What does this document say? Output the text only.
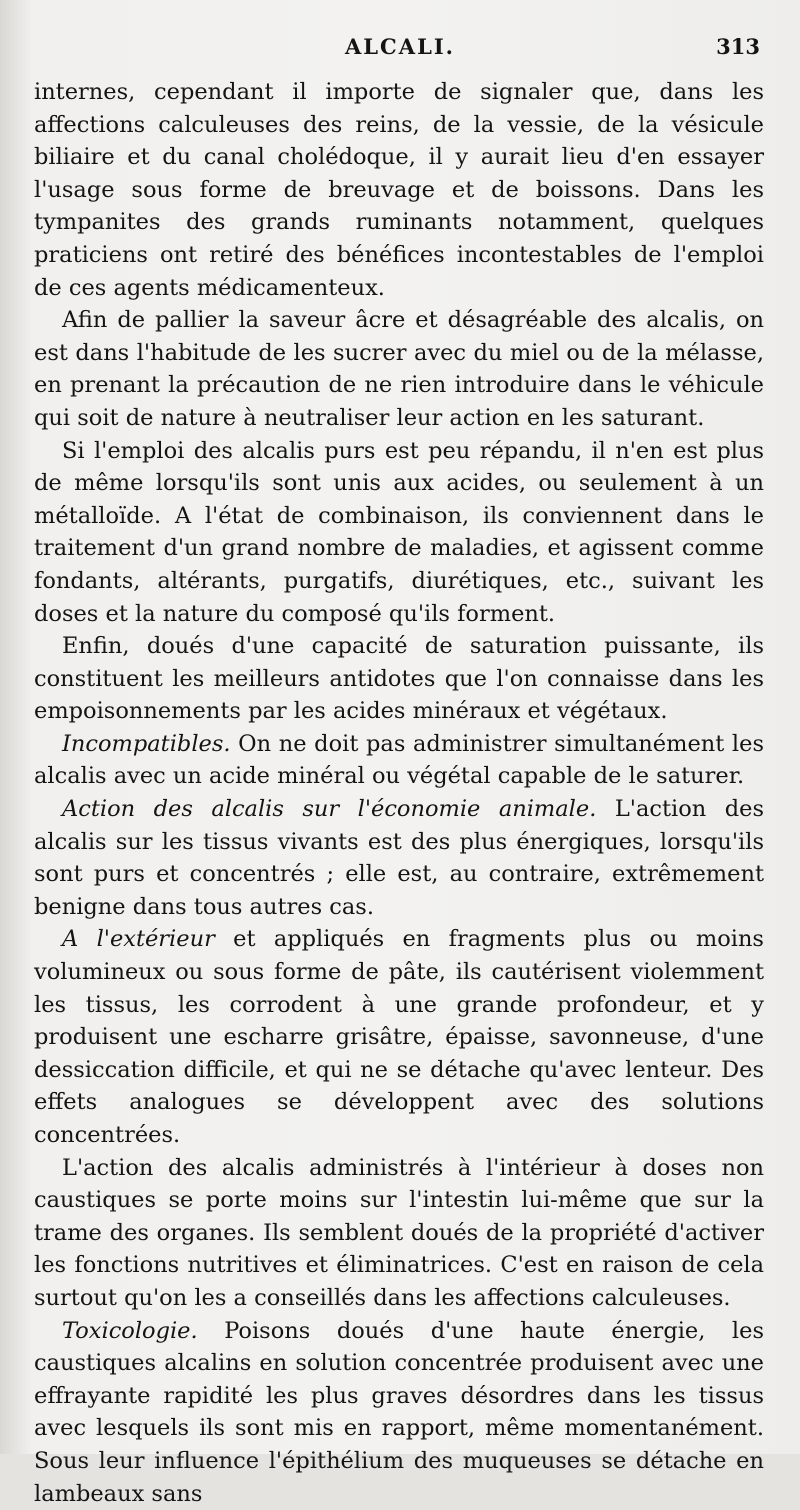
ALCALI.	313

internes, cependant il importe de signaler que, dans les affections calculeuses des reins, de la vessie, de la vésicule biliaire et du canal cholédoque, il y aurait lieu d'en essayer l'usage sous forme de breuvage et de boissons. Dans les tympanites des grands ruminants notamment, quelques praticiens ont retiré des bénéfices incontestables de l'emploi de ces agents médicamenteux.

Afin de pallier la saveur âcre et désagréable des alcalis, on est dans l'habitude de les sucrer avec du miel ou de la mélasse, en prenant la précaution de ne rien introduire dans le véhicule qui soit de nature à neutraliser leur action en les saturant.

Si l'emploi des alcalis purs est peu répandu, il n'en est plus de même lorsqu'ils sont unis aux acides, ou seulement à un métalloïde. A l'état de combinaison, ils conviennent dans le traitement d'un grand nombre de maladies, et agissent comme fondants, altérants, purgatifs, diurétiques, etc., suivant les doses et la nature du composé qu'ils forment.

Enfin, doués d'une capacité de saturation puissante, ils constituent les meilleurs antidotes que l'on connaisse dans les empoisonnements par les acides minéraux et végétaux.

Incompatibles. On ne doit pas administrer simultanément les alcalis avec un acide minéral ou végétal capable de le saturer.

Action des alcalis sur l'économie animale. L'action des alcalis sur les tissus vivants est des plus énergiques, lorsqu'ils sont purs et concentrés ; elle est, au contraire, extrêmement benigne dans tous autres cas.

A l'extérieur et appliqués en fragments plus ou moins volumineux ou sous forme de pâte, ils cautérisent violemment les tissus, les corrodent à une grande profondeur, et y produisent une escharre grisâtre, épaisse, savonneuse, d'une dessiccation difficile, et qui ne se détache qu'avec lenteur. Des effets analogues se développent avec des solutions concentrées.

L'action des alcalis administrés à l'intérieur à doses non caustiques se porte moins sur l'intestin lui-même que sur la trame des organes. Ils semblent doués de la propriété d'activer les fonctions nutritives et éliminatrices. C'est en raison de cela surtout qu'on les a conseillés dans les affections calculeuses.

Toxicologie. Poisons doués d'une haute énergie, les caustiques alcalins en solution concentrée produisent avec une effrayante rapidité les plus graves désordres dans les tissus avec lesquels ils sont mis en rapport, même momentanément. Sous leur influence l'épithélium des muqueuses se détache en lambeaux sans
